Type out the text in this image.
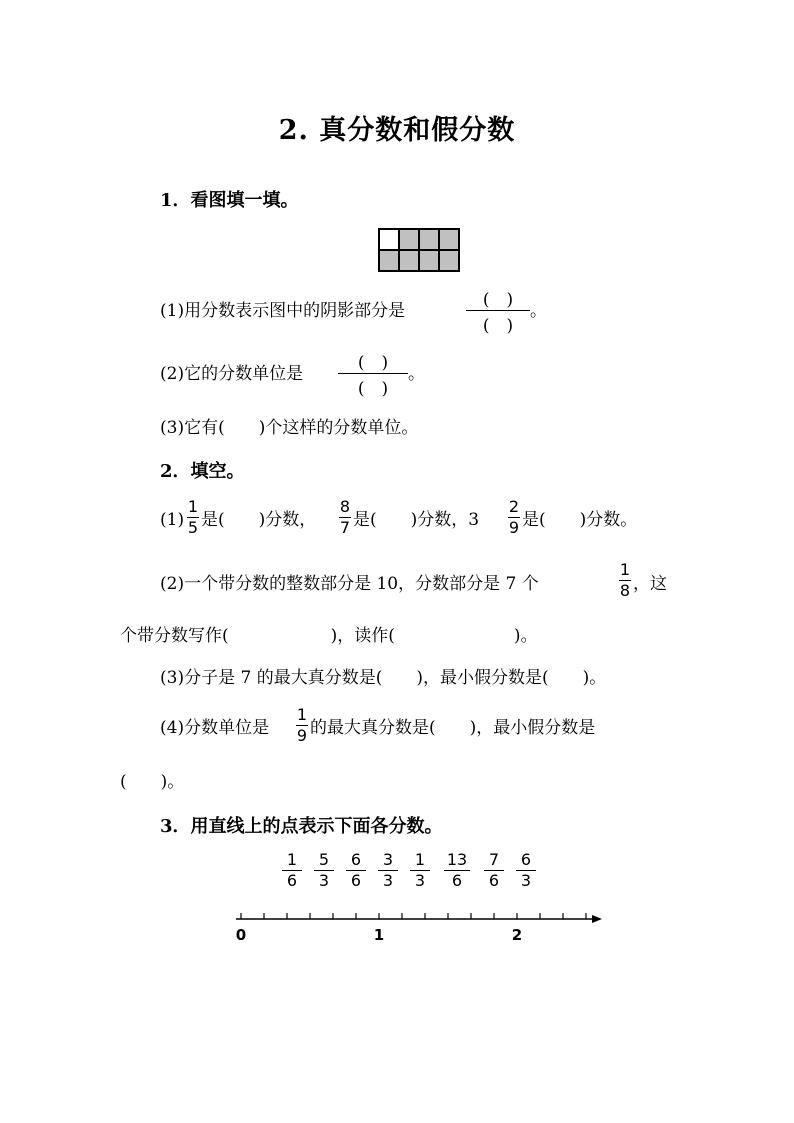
2. 真分数和假分数
1．看图填一填。
(1)用分数表示图中的阴影部分是
(　)
(　)
。
(2)它的分数单位是
(　)
(　)
。
(3)它有(　　)个这样的分数单位。
2．填空。
(1)
1
5 是(　　)分数，
8
7 是(　　)分数，3
2
9 是(　　)分数。
(2)一个带分数的整数部分是 10，分数部分是 7 个
1
8 ，这
个带分数写作(　　　　　　)，读作(　　　　　　　)。
(3)分子是 7 的最大真分数是(　　)，最小假分数是(　　)。
(4)分数单位是
1
9 的最大真分数是(　　)，最小假分数是
(　　)。
3．用直线上的点表示下面各分数。
1
6
5
3
6
6
3
3
1
3
13
6
7
6
6
3
0	1	2
